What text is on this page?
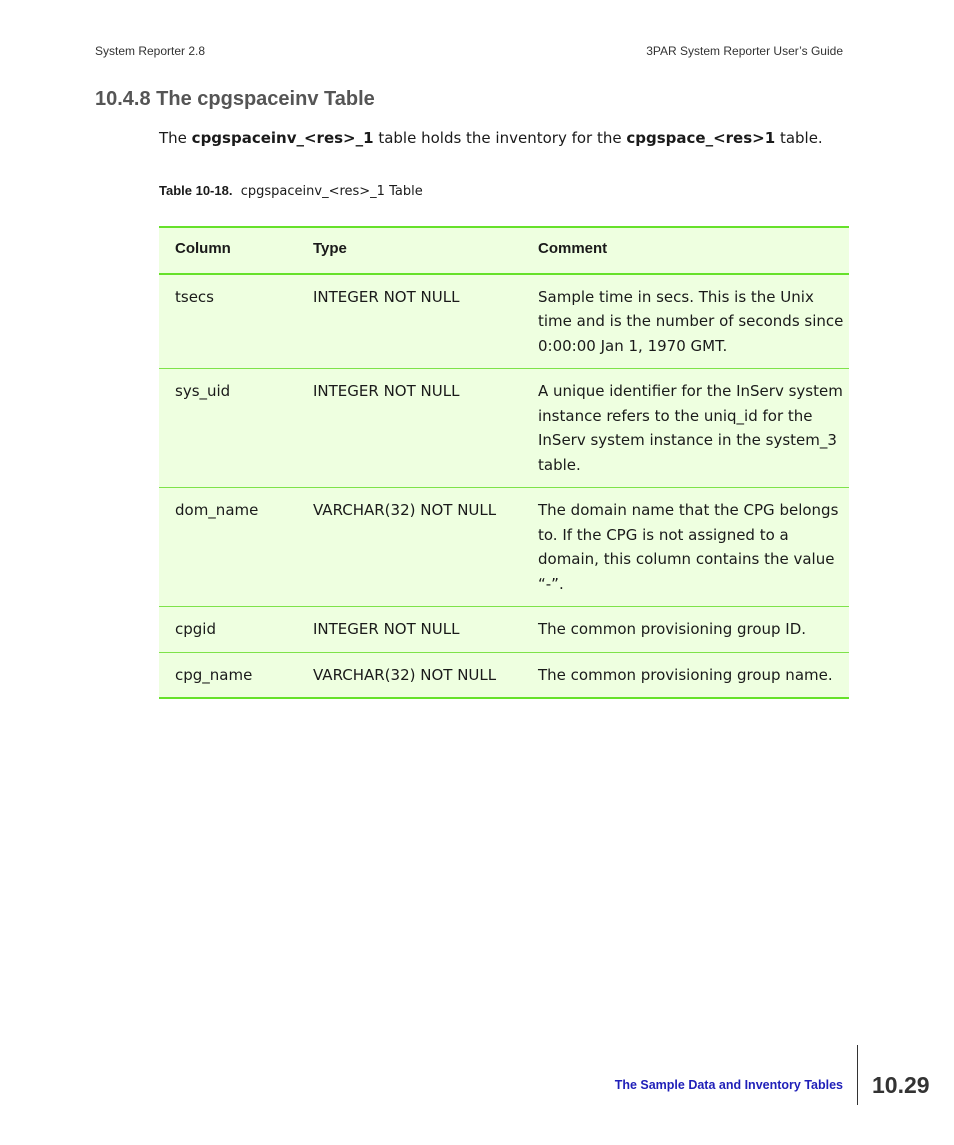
System Reporter 2.8	3PAR System Reporter User’s Guide
10.4.8 The cpgspaceinv Table

The cpgspaceinv_<res>_1 table holds the inventory for the cpgspace_<res>1 table.

Table 10-18. cpgspaceinv_<res>_1 Table
Column	Type	Comment
tsecs	INTEGER NOT NULL	Sample time in secs. This is the Unix time and is the number of seconds since 0:00:00 Jan 1, 1970 GMT.
sys_uid	INTEGER NOT NULL	A unique identifier for the InServ system instance refers to the uniq_id for the InServ system instance in the system_3 table.
dom_name	VARCHAR(32) NOT NULL	The domain name that the CPG belongs to. If the CPG is not assigned to a domain, this column contains the value “-”.
cpgid	INTEGER NOT NULL	The common provisioning group ID.
cpg_name	VARCHAR(32) NOT NULL	The common provisioning group name.
The Sample Data and Inventory Tables 10.29
